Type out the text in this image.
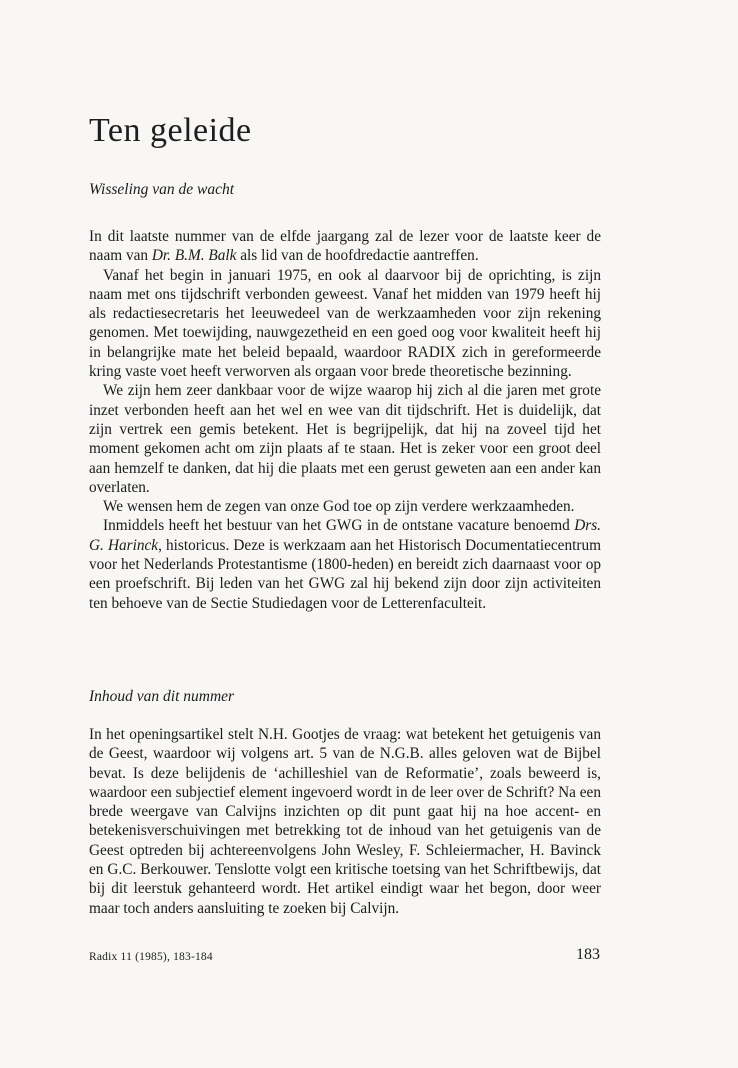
Ten geleide
Wisseling van de wacht

In dit laatste nummer van de elfde jaargang zal de lezer voor de laatste keer de naam van Dr. B.M. Balk als lid van de hoofdredactie aantreffen.

Vanaf het begin in januari 1975, en ook al daarvoor bij de oprichting, is zijn naam met ons tijdschrift verbonden geweest. Vanaf het midden van 1979 heeft hij als redactiesecretaris het leeuwedeel van de werkzaamheden voor zijn rekening genomen. Met toewijding, nauwgezetheid en een goed oog voor kwaliteit heeft hij in belangrijke mate het beleid bepaald, waardoor RADIX zich in gereformeerde kring vaste voet heeft verworven als orgaan voor brede theoretische bezinning.

We zijn hem zeer dankbaar voor de wijze waarop hij zich al die jaren met grote inzet verbonden heeft aan het wel en wee van dit tijdschrift. Het is duidelijk, dat zijn vertrek een gemis betekent. Het is begrijpelijk, dat hij na zoveel tijd het moment gekomen acht om zijn plaats af te staan. Het is zeker voor een groot deel aan hemzelf te danken, dat hij die plaats met een gerust geweten aan een ander kan overlaten.

We wensen hem de zegen van onze God toe op zijn verdere werkzaamheden.

Inmiddels heeft het bestuur van het GWG in de ontstane vacature benoemd Drs. G. Harinck, historicus. Deze is werkzaam aan het Historisch Documentatiecentrum voor het Nederlands Protestantisme (1800-heden) en bereidt zich daarnaast voor op een proefschrift. Bij leden van het GWG zal hij bekend zijn door zijn activiteiten ten behoeve van de Sectie Studiedagen voor de Letterenfaculteit.

Inhoud van dit nummer

In het openingsartikel stelt N.H. Gootjes de vraag: wat betekent het getuigenis van de Geest, waardoor wij volgens art. 5 van de N.G.B. alles geloven wat de Bijbel bevat. Is deze belijdenis de ‘achilleshiel van de Reformatie’, zoals beweerd is, waardoor een subjectief element ingevoerd wordt in de leer over de Schrift? Na een brede weergave van Calvijns inzichten op dit punt gaat hij na hoe accent- en betekenisverschuivingen met betrekking tot de inhoud van het getuigenis van de Geest optreden bij achtereenvolgens John Wesley, F. Schleiermacher, H. Bavinck en G.C. Berkouwer. Tenslotte volgt een kritische toetsing van het Schriftbewijs, dat bij dit leerstuk gehanteerd wordt. Het artikel eindigt waar het begon, door weer maar toch anders aansluiting te zoeken bij Calvijn.

Radix 11 (1985), 183-184	183
